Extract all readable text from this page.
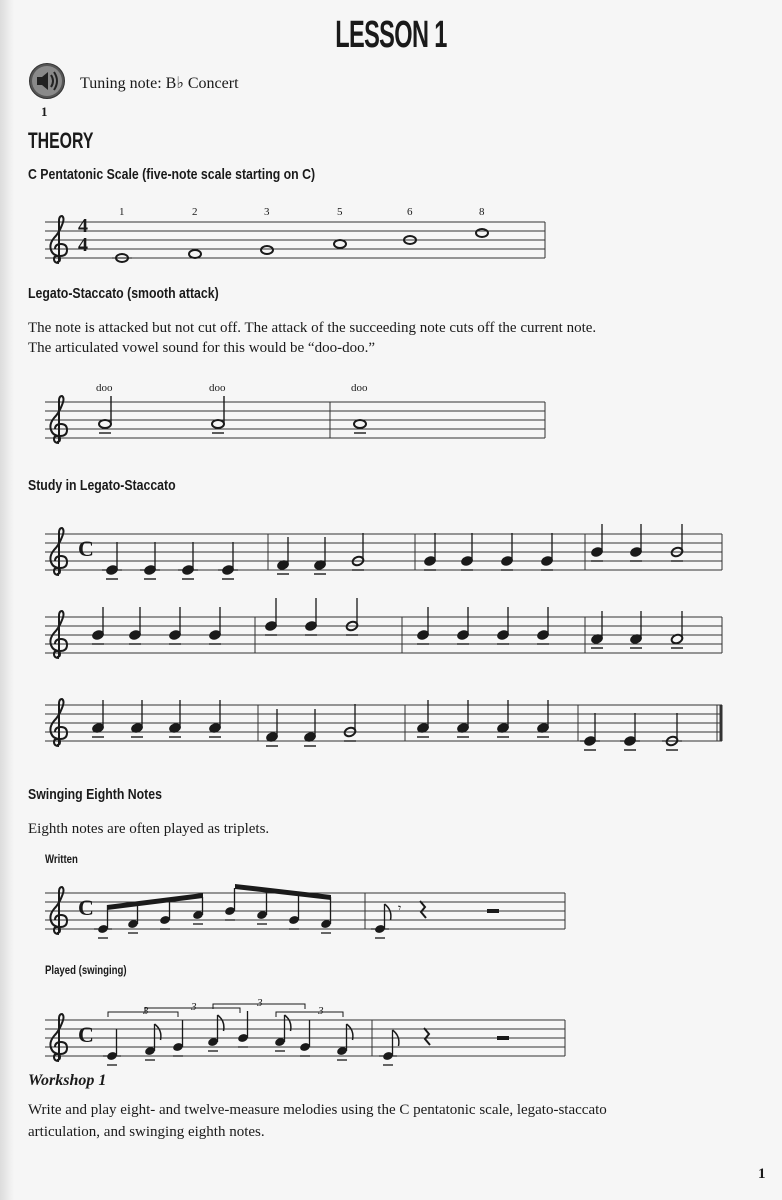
LESSON 1
1
Tuning note: B♭ Concert
THEORY
C Pentatonic Scale (five-note scale starting on C)
𝄾
4
4
1	2	3	5	6	8
Legato-Staccato (smooth attack)
The note is attacked but not cut off. The attack of the succeeding note cuts off the current note.
The articulated vowel sound for this would be “doo-doo.”
doo	doo	doo
Study in Legato-Staccato
C
C
C
Swinging Eighth Notes
Eighth notes are often played as triplets.
Written
Played (swinging)
3	3	3
3
Workshop 1
Write and play eight- and twelve-measure melodies using the C pentatonic scale, legato-staccato
articulation, and swinging eighth notes.
1
